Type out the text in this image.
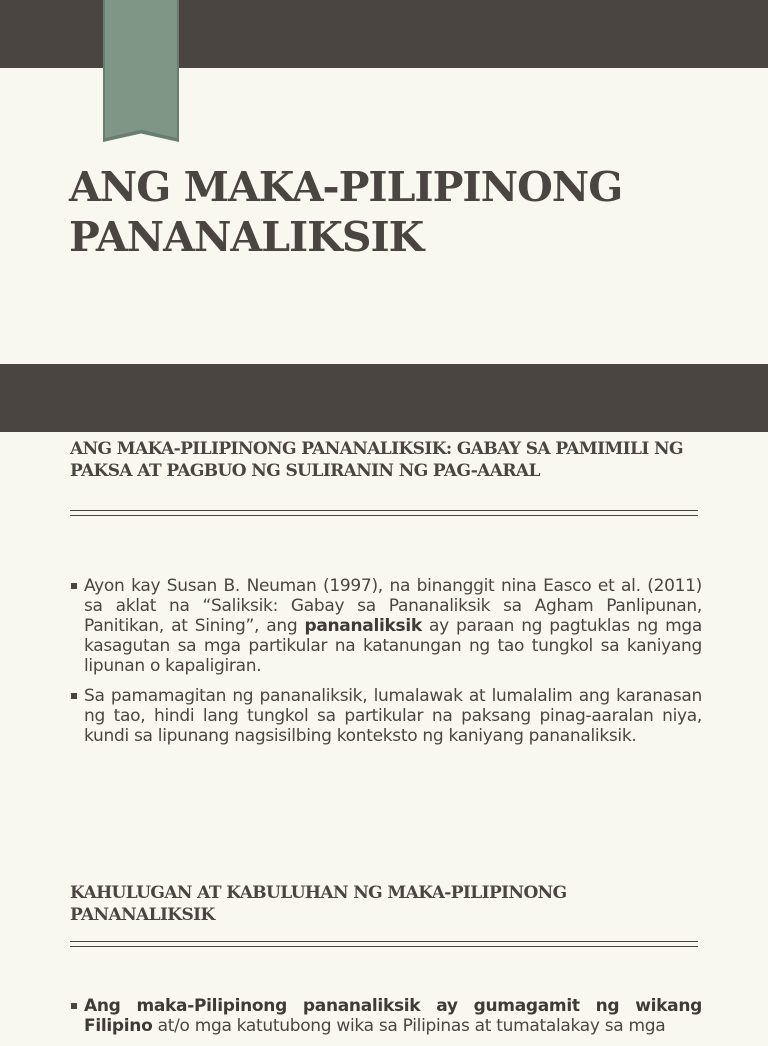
ANG MAKA-PILIPINONG PANANALIKSIK
ANG MAKA-PILIPINONG PANANALIKSIK: GABAY SA PAMIMILI NG PAKSA AT PAGBUO NG SULIRANIN NG PAG-AARAL
Ayon kay Susan B. Neuman (1997), na binanggit nina Easco et al. (2011) sa aklat na “Saliksik: Gabay sa Pananaliksik sa Agham Panlipunan, Panitikan, at Sining”, ang pananaliksik ay paraan ng pagtuklas ng mga kasagutan sa mga partikular na katanungan ng tao tungkol sa kaniyang lipunan o kapaligiran.
Sa pamamagitan ng pananaliksik, lumalawak at lumalalim ang karanasan ng tao, hindi lang tungkol sa partikular na paksang pinag-aaralan niya, kundi sa lipunang nagsisilbing konteksto ng kaniyang pananaliksik.
KAHULUGAN AT KABULUHAN NG MAKA-PILIPINONG PANANALIKSIK
Ang maka-Pilipinong pananaliksik ay gumagamit ng wikang Filipino at/o mga katutubong wika sa Pilipinas at tumatalakay sa mga
